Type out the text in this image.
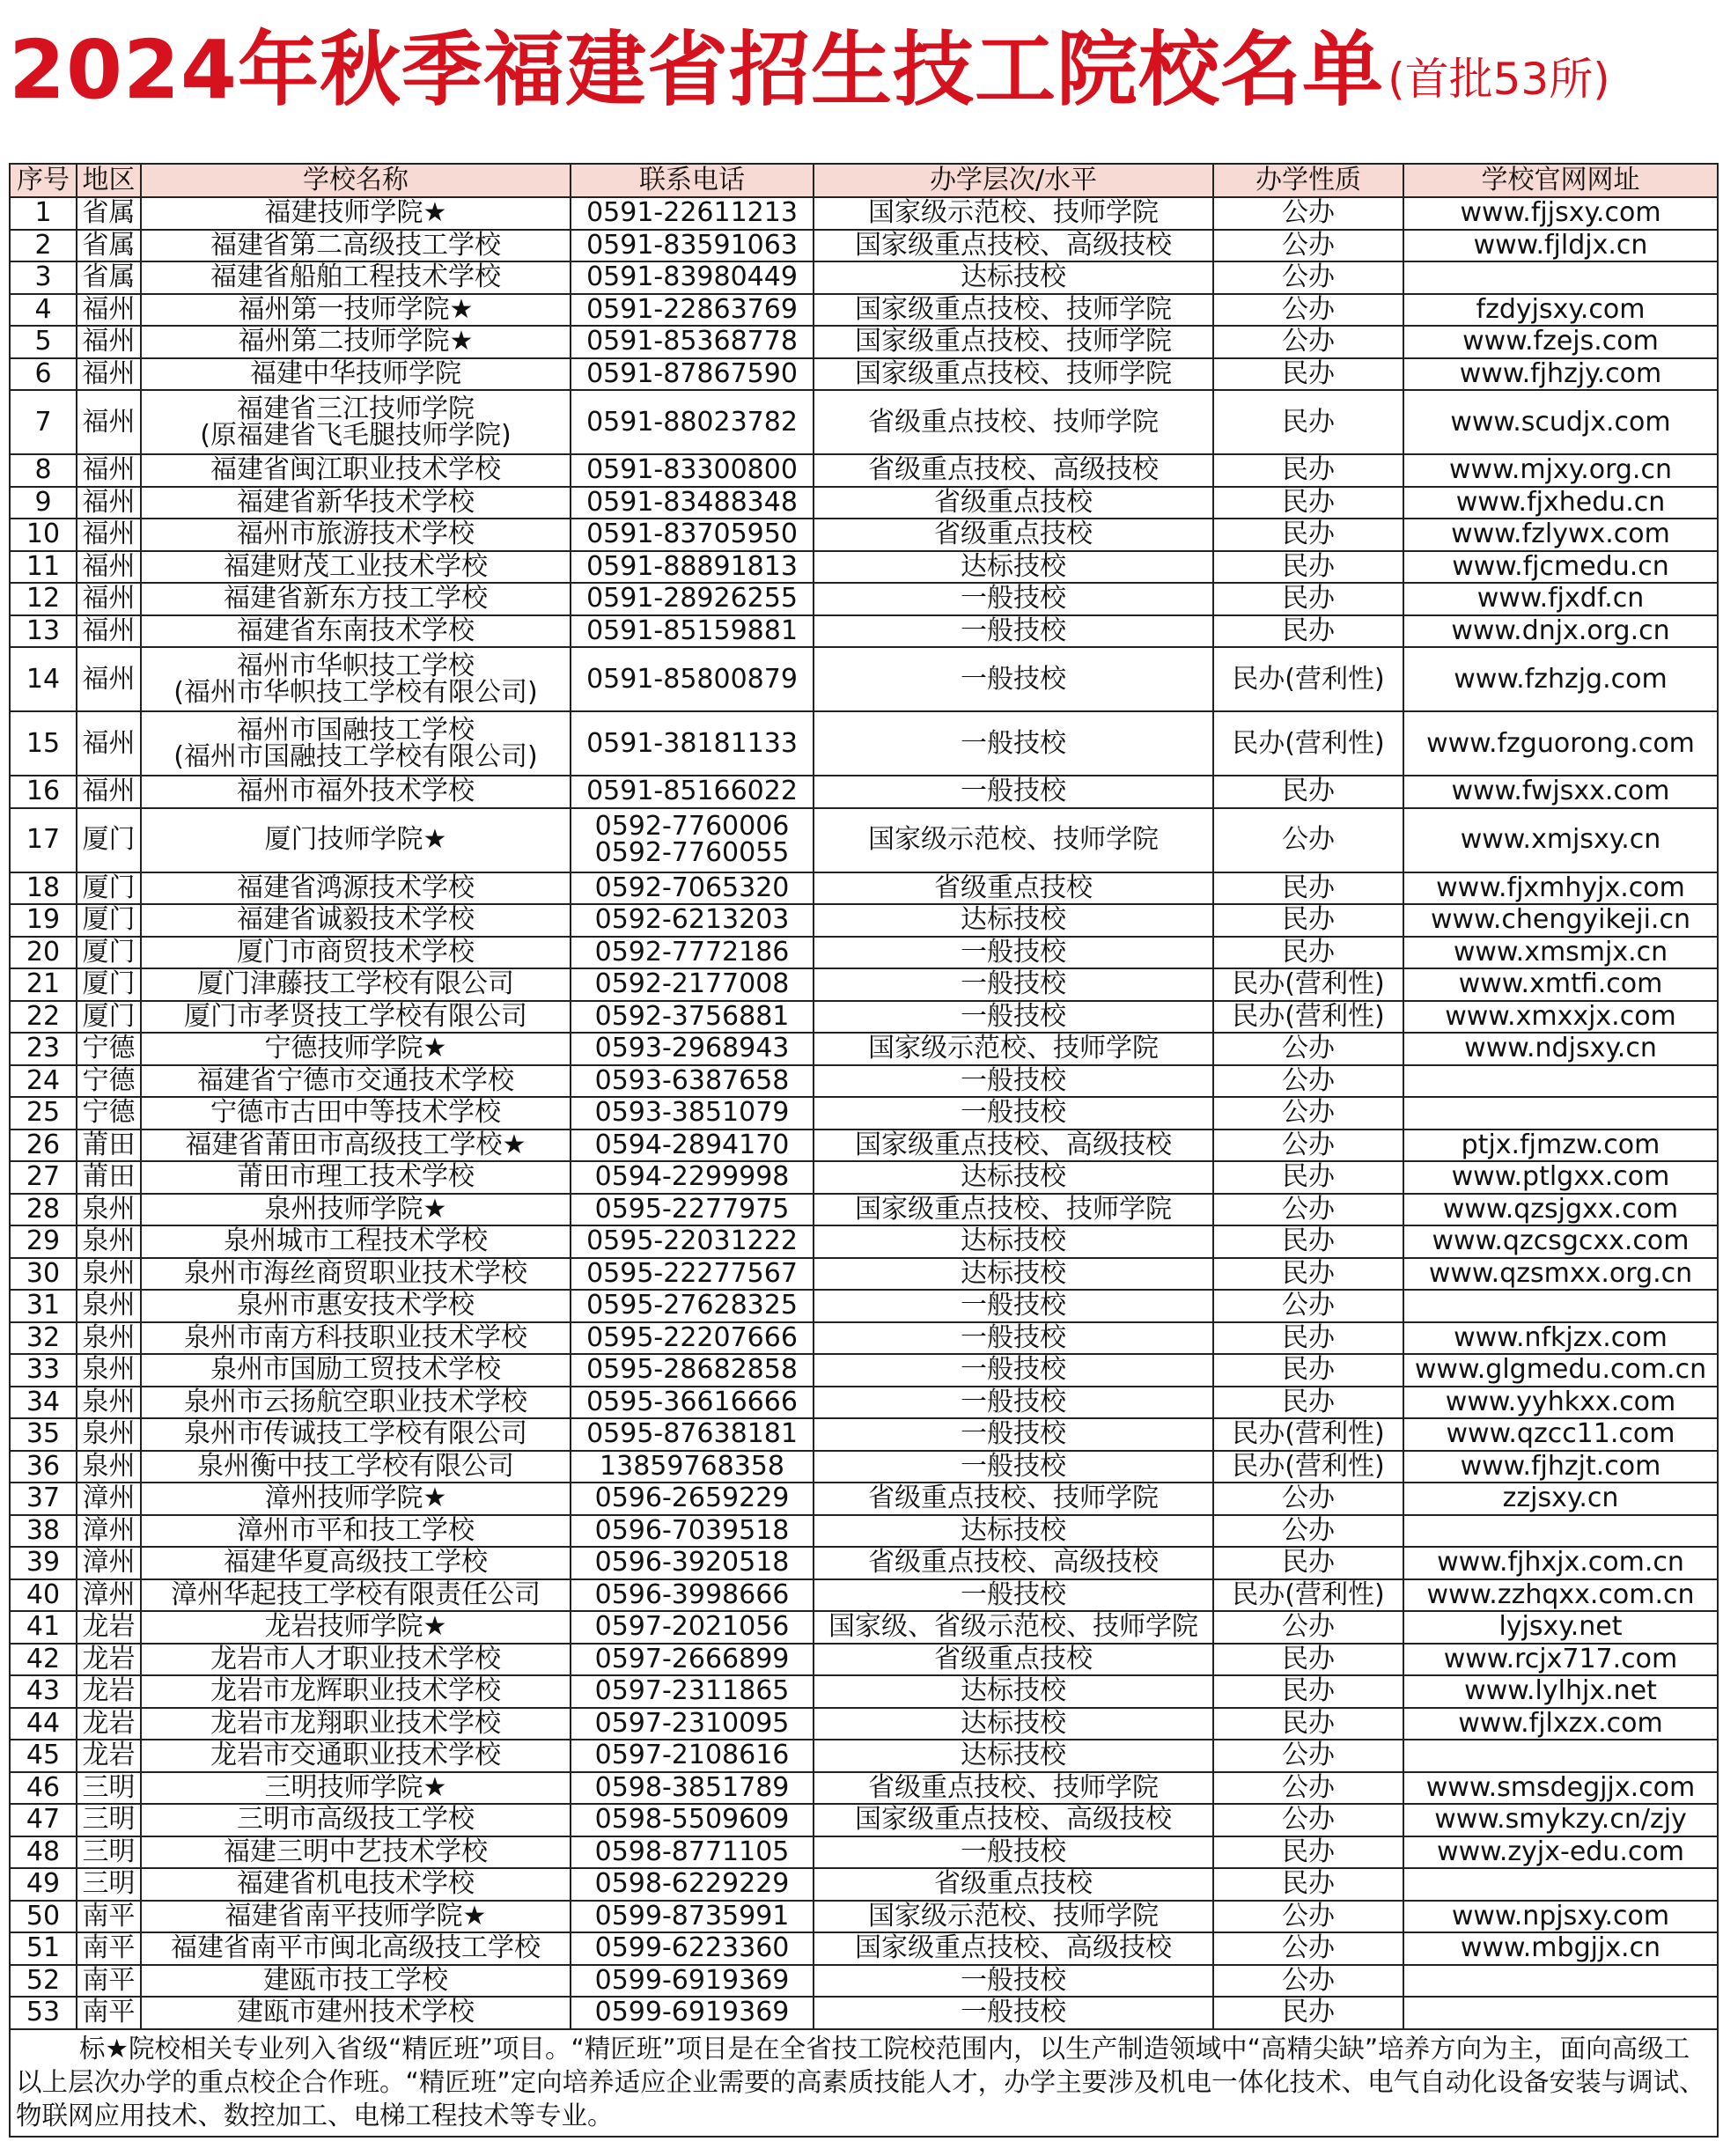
2024年秋季福建省招生技工院校名单 (首批53所)
序号	地区	学校名称	联系电话	办学层次/水平	办学性质	学校官网网址
1	省属	福建技师学院★	0591-22611213	国家级示范校、技师学院	公办	www.fjjsxy.com
2	省属	福建省第二高级技工学校	0591-83591063	国家级重点技校、高级技校	公办	www.fjldjx.cn
3	省属	福建省船舶工程技术学校	0591-83980449	达标技校	公办	
4	福州	福州第一技师学院★	0591-22863769	国家级重点技校、技师学院	公办	fzdyjsxy.com
5	福州	福州第二技师学院★	0591-85368778	国家级重点技校、技师学院	公办	www.fzejs.com
6	福州	福建中华技师学院	0591-87867590	国家级重点技校、技师学院	民办	www.fjhzjy.com
7	福州	福建省三江技师学院
(原福建省飞毛腿技师学院)	0591-88023782	省级重点技校、技师学院	民办	www.scudjx.com
8	福州	福建省闽江职业技术学校	0591-83300800	省级重点技校、高级技校	民办	www.mjxy.org.cn
9	福州	福建省新华技术学校	0591-83488348	省级重点技校	民办	www.fjxhedu.cn
10	福州	福州市旅游技术学校	0591-83705950	省级重点技校	民办	www.fzlywx.com
11	福州	福建财茂工业技术学校	0591-88891813	达标技校	民办	www.fjcmedu.cn
12	福州	福建省新东方技工学校	0591-28926255	一般技校	民办	www.fjxdf.cn
13	福州	福建省东南技术学校	0591-85159881	一般技校	民办	www.dnjx.org.cn
14	福州	福州市华帜技工学校
(福州市华帜技工学校有限公司)	0591-85800879	一般技校	民办(营利性)	www.fzhzjg.com
15	福州	福州市国融技工学校
(福州市国融技工学校有限公司)	0591-38181133	一般技校	民办(营利性)	www.fzguorong.com
16	福州	福州市福外技术学校	0591-85166022	一般技校	民办	www.fwjsxx.com
17	厦门	厦门技师学院★	0592-7760006
0592-7760055	国家级示范校、技师学院	公办	www.xmjsxy.cn
18	厦门	福建省鸿源技术学校	0592-7065320	省级重点技校	民办	www.fjxmhyjx.com
19	厦门	福建省诚毅技术学校	0592-6213203	达标技校	民办	www.chengyikeji.cn
20	厦门	厦门市商贸技术学校	0592-7772186	一般技校	民办	www.xmsmjx.cn
21	厦门	厦门津藤技工学校有限公司	0592-2177008	一般技校	民办(营利性)	www.xmtfi.com
22	厦门	厦门市孝贤技工学校有限公司	0592-3756881	一般技校	民办(营利性)	www.xmxxjx.com
23	宁德	宁德技师学院★	0593-2968943	国家级示范校、技师学院	公办	www.ndjsxy.cn
24	宁德	福建省宁德市交通技术学校	0593-6387658	一般技校	公办	
25	宁德	宁德市古田中等技术学校	0593-3851079	一般技校	公办	
26	莆田	福建省莆田市高级技工学校★	0594-2894170	国家级重点技校、高级技校	公办	ptjx.fjmzw.com
27	莆田	莆田市理工技术学校	0594-2299998	达标技校	民办	www.ptlgxx.com
28	泉州	泉州技师学院★	0595-2277975	国家级重点技校、技师学院	公办	www.qzsjgxx.com
29	泉州	泉州城市工程技术学校	0595-22031222	达标技校	民办	www.qzcsgcxx.com
30	泉州	泉州市海丝商贸职业技术学校	0595-22277567	达标技校	民办	www.qzsmxx.org.cn
31	泉州	泉州市惠安技术学校	0595-27628325	一般技校	公办	
32	泉州	泉州市南方科技职业技术学校	0595-22207666	一般技校	民办	www.nfkjzx.com
33	泉州	泉州市国励工贸技术学校	0595-28682858	一般技校	民办	www.glgmedu.com.cn
34	泉州	泉州市云扬航空职业技术学校	0595-36616666	一般技校	民办	www.yyhkxx.com
35	泉州	泉州市传诚技工学校有限公司	0595-87638181	一般技校	民办(营利性)	www.qzcc11.com
36	泉州	泉州衡中技工学校有限公司	13859768358	一般技校	民办(营利性)	www.fjhzjt.com
37	漳州	漳州技师学院★	0596-2659229	省级重点技校、技师学院	公办	zzjsxy.cn
38	漳州	漳州市平和技工学校	0596-7039518	达标技校	公办	
39	漳州	福建华夏高级技工学校	0596-3920518	省级重点技校、高级技校	民办	www.fjhxjx.com.cn
40	漳州	漳州华起技工学校有限责任公司	0596-3998666	一般技校	民办(营利性)	www.zzhqxx.com.cn
41	龙岩	龙岩技师学院★	0597-2021056	国家级、省级示范校、技师学院	公办	lyjsxy.net
42	龙岩	龙岩市人才职业技术学校	0597-2666899	省级重点技校	民办	www.rcjx717.com
43	龙岩	龙岩市龙辉职业技术学校	0597-2311865	达标技校	民办	www.lylhjx.net
44	龙岩	龙岩市龙翔职业技术学校	0597-2310095	达标技校	民办	www.fjlxzx.com
45	龙岩	龙岩市交通职业技术学校	0597-2108616	达标技校	公办	
46	三明	三明技师学院★	0598-3851789	省级重点技校、技师学院	公办	www.smsdegjjx.com
47	三明	三明市高级技工学校	0598-5509609	国家级重点技校、高级技校	公办	www.smykzy.cn/zjy
48	三明	福建三明中艺技术学校	0598-8771105	一般技校	民办	www.zyjx-edu.com
49	三明	福建省机电技术学校	0598-6229229	省级重点技校	民办	
50	南平	福建省南平技师学院★	0599-8735991	国家级示范校、技师学院	公办	www.npjsxy.com
51	南平	福建省南平市闽北高级技工学校	0599-6223360	国家级重点技校、高级技校	公办	www.mbgjjx.cn
52	南平	建瓯市技工学校	0599-6919369	一般技校	公办	
53	南平	建瓯市建州技术学校	0599-6919369	一般技校	民办	
标★院校相关专业列入省级“精匠班”项目。“精匠班”项目是在全省技工院校范围内，以生产制造领域中“高精尖缺”培养方向为主，面向高级工以上层次办学的重点校企合作班。“精匠班”定向培养适应企业需要的高素质技能人才，办学主要涉及机电一体化技术、电气自动化设备安装与调试、物联网应用技术、数控加工、电梯工程技术等专业。						
